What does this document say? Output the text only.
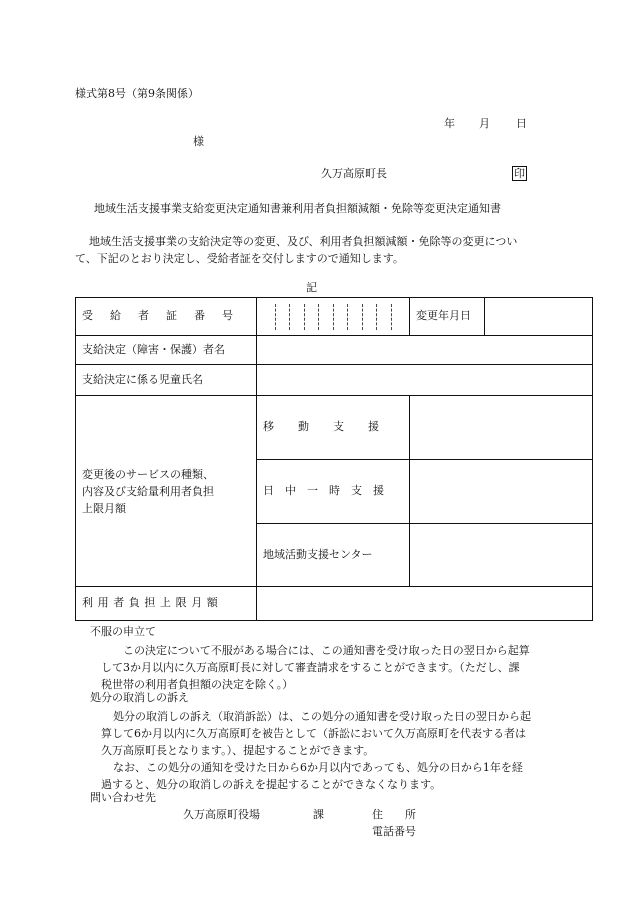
様式第8号（第9条関係）
年 月 日
様
久万高原町長	印
地域生活支援事業支給変更決定通知書兼利用者負担額減額・免除等変更決定通知書
地域生活支援事業の支給決定等の変更、及び、利用者負担額減額・免除等の変更につい
て、下記のとおり決定し、受給者証を交付しますので通知します。
記
受給者証番号		変更年月日	
支給決定（障害・保護）者名			
支給決定に係る児童氏名			

変更後のサービスの種類、
内容及び支給量利用者負担
上限月額	移動支援		
	日中一時支援		
	地域活動支援センター		
利用者負担上限月額			
不服の申立て
この決定について不服がある場合には、この通知書を受け取った日の翌日から起算
して3か月以内に久万高原町長に対して審査請求をすることができます。（ただし、課
税世帯の利用者負担額の決定を除く。）
処分の取消しの訴え
処分の取消しの訴え（取消訴訟）は、この処分の通知書を受け取った日の翌日から起
算して6か月以内に久万高原町を被告として（訴訟において久万高原町を代表する者は
久万高原町長となります。）、提起することができます。
なお、この処分の通知を受けた日から6か月以内であっても、処分の日から1年を経
過すると、処分の取消しの訴えを提起することができなくなります。
問い合わせ先
久万高原町役場	課	住　　所
電話番号
